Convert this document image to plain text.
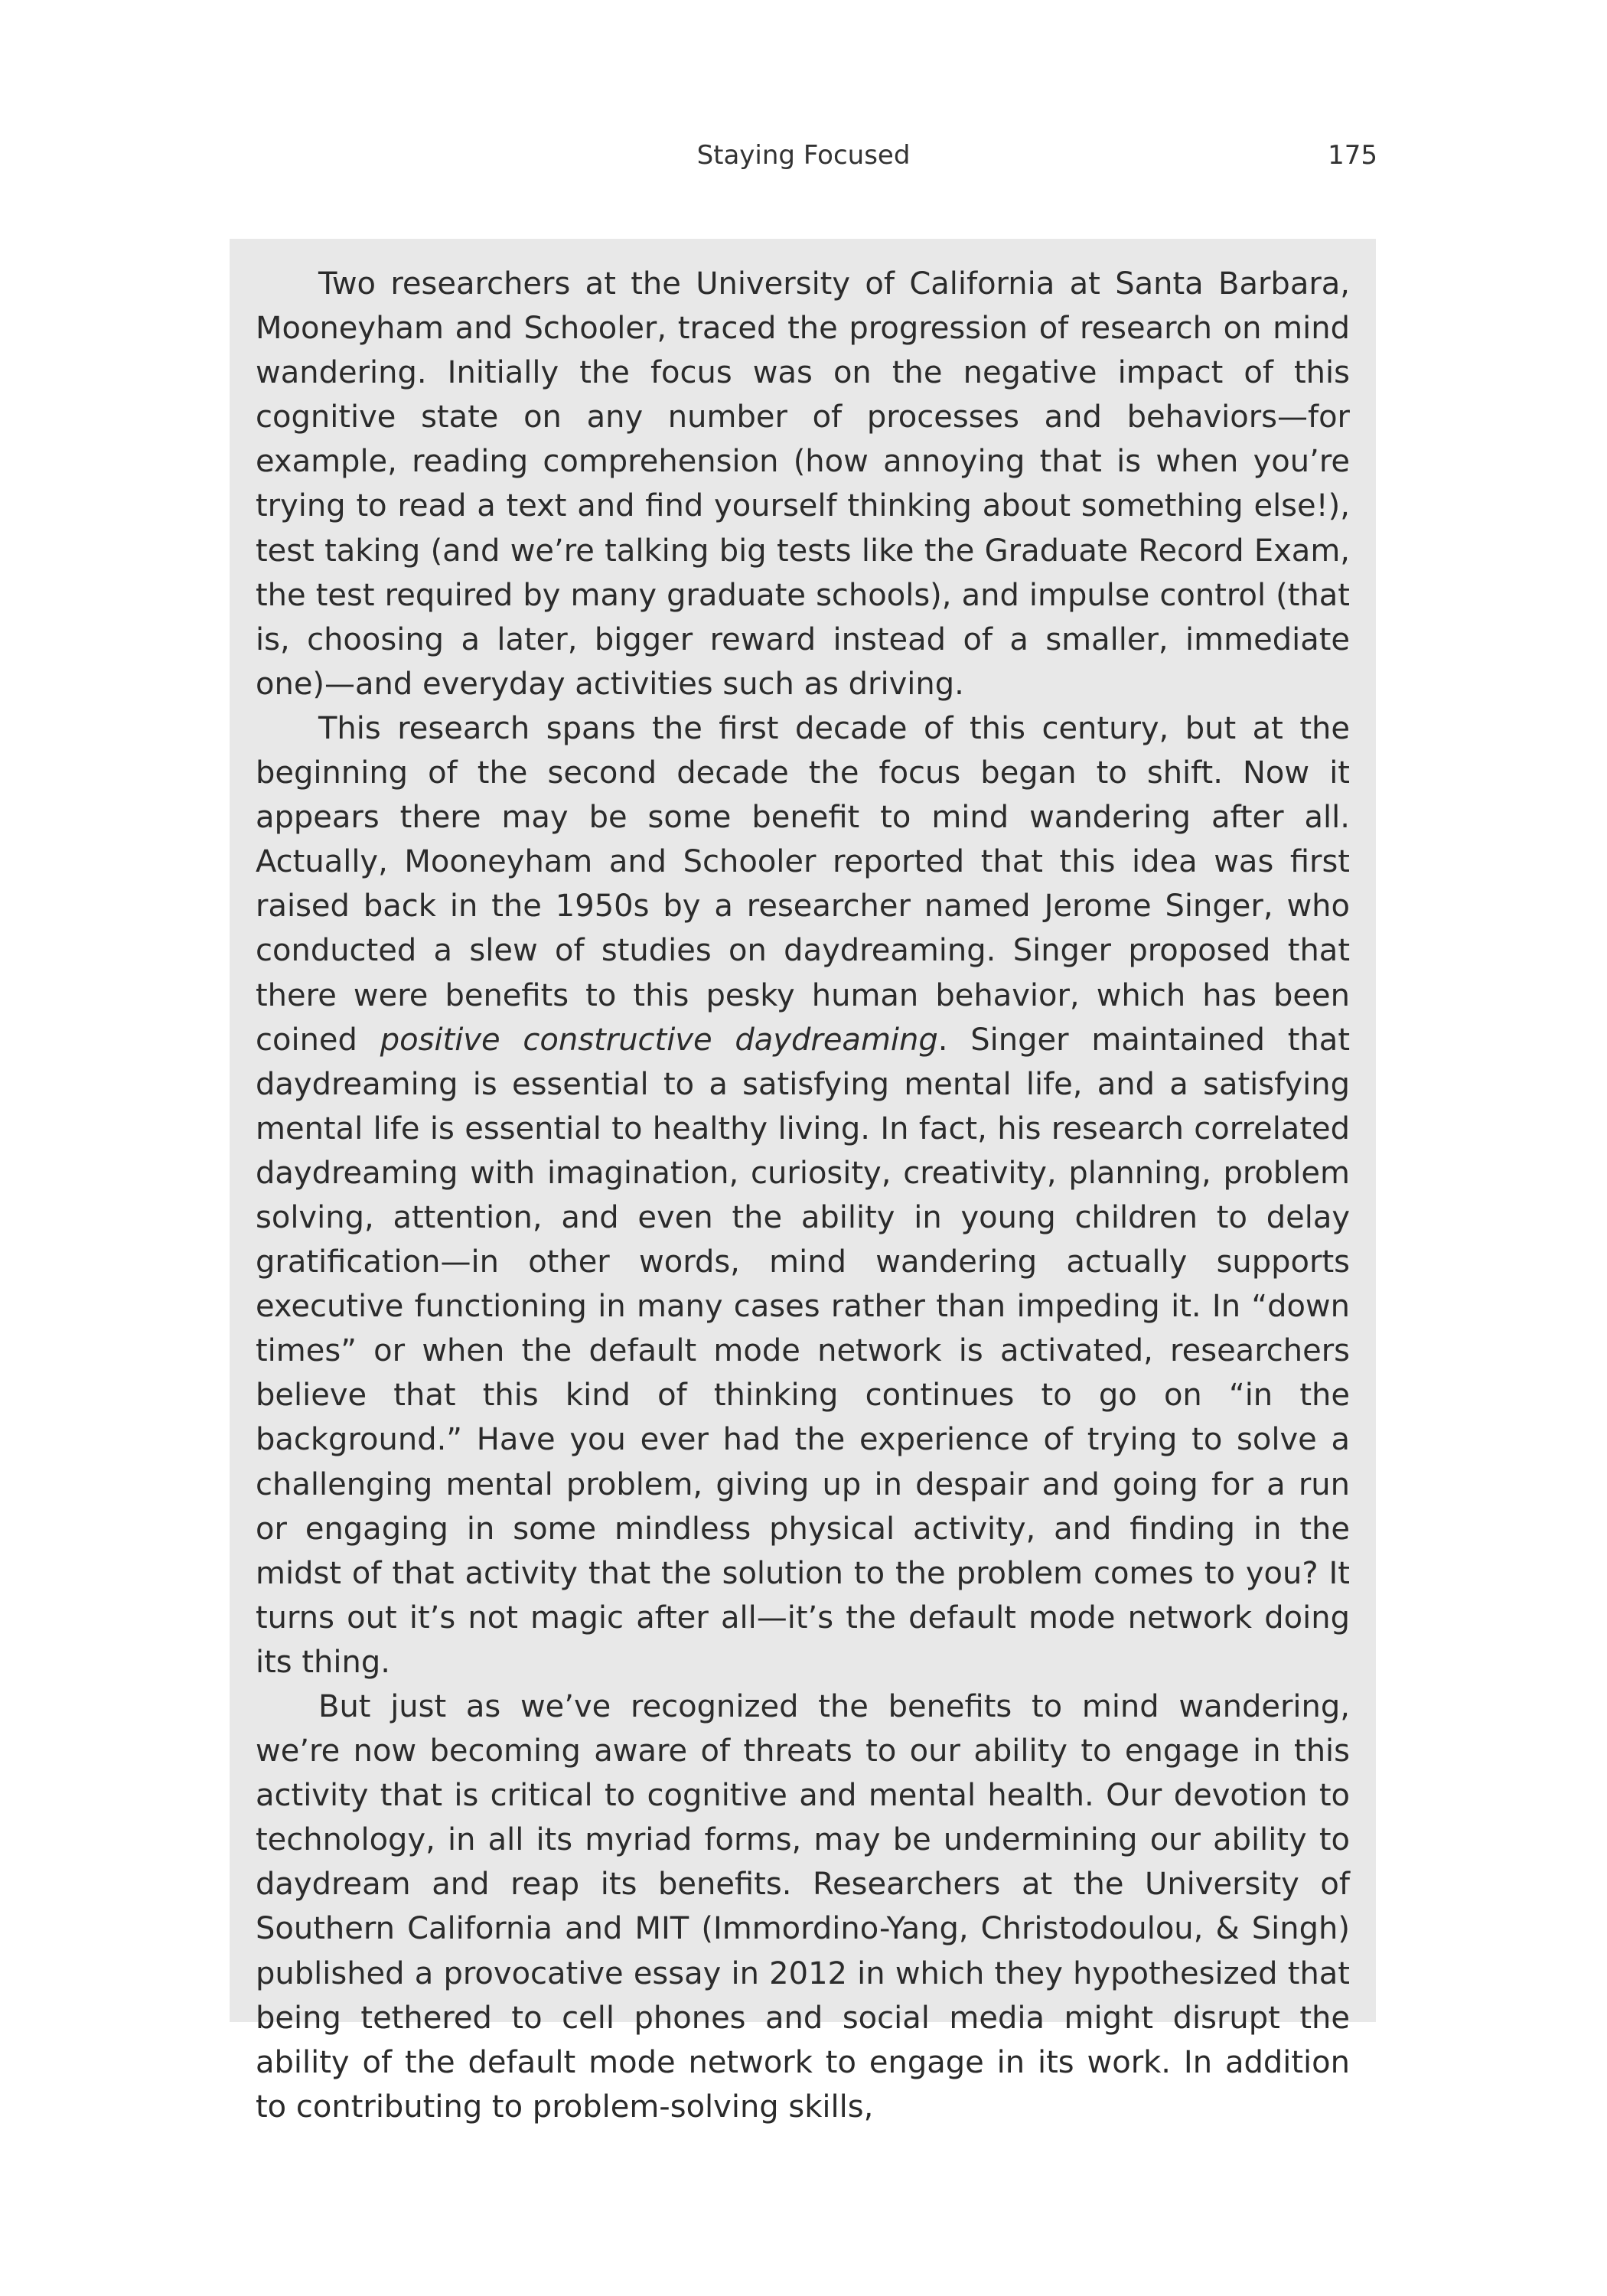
Staying Focused	175

Two researchers at the University of California at Santa Barbara, Mooneyham and Schooler, traced the progression of research on mind wandering. Initially the focus was on the negative impact of this cognitive state on any number of processes and behaviors—for example, reading comprehension (how annoying that is when you’re trying to read a text and find yourself thinking about something else!), test taking (and we’re talking big tests like the Graduate Record Exam, the test required by many graduate schools), and impulse control (that is, choosing a later, bigger reward instead of a smaller, immediate one)—and everyday activities such as driving.

This research spans the first decade of this century, but at the beginning of the second decade the focus began to shift. Now it appears there may be some benefit to mind wandering after all. Actually, Mooneyham and Schooler reported that this idea was first raised back in the 1950s by a researcher named Jerome Singer, who conducted a slew of studies on daydreaming. Singer proposed that there were benefits to this pesky human behavior, which has been coined positive constructive daydreaming. Singer maintained that daydreaming is essential to a satisfying mental life, and a satisfying mental life is essential to healthy living. In fact, his research correlated daydreaming with imagination, curiosity, creativity, planning, problem solving, attention, and even the ability in young children to delay gratification—in other words, mind wandering actually supports executive functioning in many cases rather than impeding it. In “down times” or when the default mode network is activated, researchers believe that this kind of thinking continues to go on “in the background.” Have you ever had the experience of trying to solve a challenging mental problem, giving up in despair and going for a run or engaging in some mindless physical activity, and finding in the midst of that activity that the solution to the problem comes to you? It turns out it’s not magic after all—it’s the default mode network doing its thing.

But just as we’ve recognized the benefits to mind wandering, we’re now becoming aware of threats to our ability to engage in this activity that is critical to cognitive and mental health. Our devotion to technology, in all its myriad forms, may be undermining our ability to daydream and reap its benefits. Researchers at the University of Southern California and MIT (Immordino-Yang, Christodoulou, & Singh) published a provocative essay in 2012 in which they hypothesized that being tethered to cell phones and social media might disrupt the ability of the default mode network to engage in its work. In addition to contributing to problem-solving skills,
